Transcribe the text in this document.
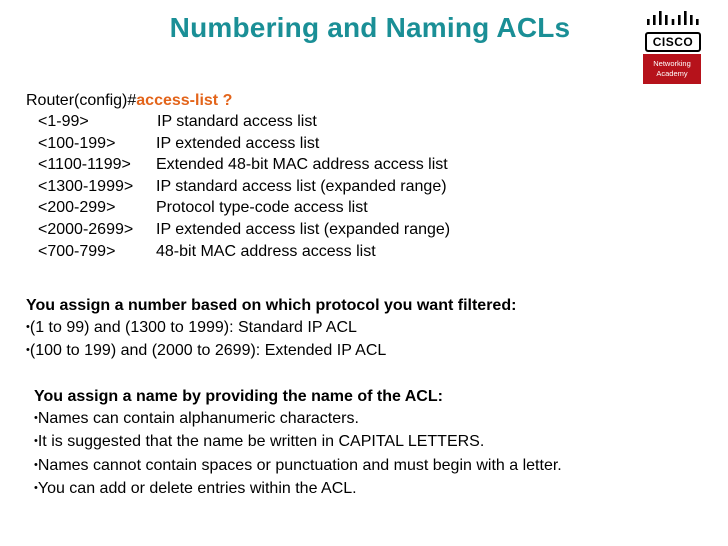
Numbering and Naming ACLs	CISCO
Networking
Academy
Router(config)#access-list ?
<1-99>	IP standard access list
<100-199>	IP extended access list
<1100-1199> Extended 48-bit MAC address access list
<1300-1999> IP standard access list (expanded range)
<200-299>	Protocol type-code access list
<2000-2699> IP extended access list (expanded range)
<700-799>	48-bit MAC address access list
You assign a number based on which protocol you want filtered:
•(1 to 99) and (1300 to 1999): Standard IP ACL
•(100 to 199) and (2000 to 2699): Extended IP ACL
You assign a name by providing the name of the ACL:
•Names can contain alphanumeric characters.
•It is suggested that the name be written in CAPITAL LETTERS.
•Names cannot contain spaces or punctuation and must begin with a letter.
•You can add or delete entries within the ACL.
